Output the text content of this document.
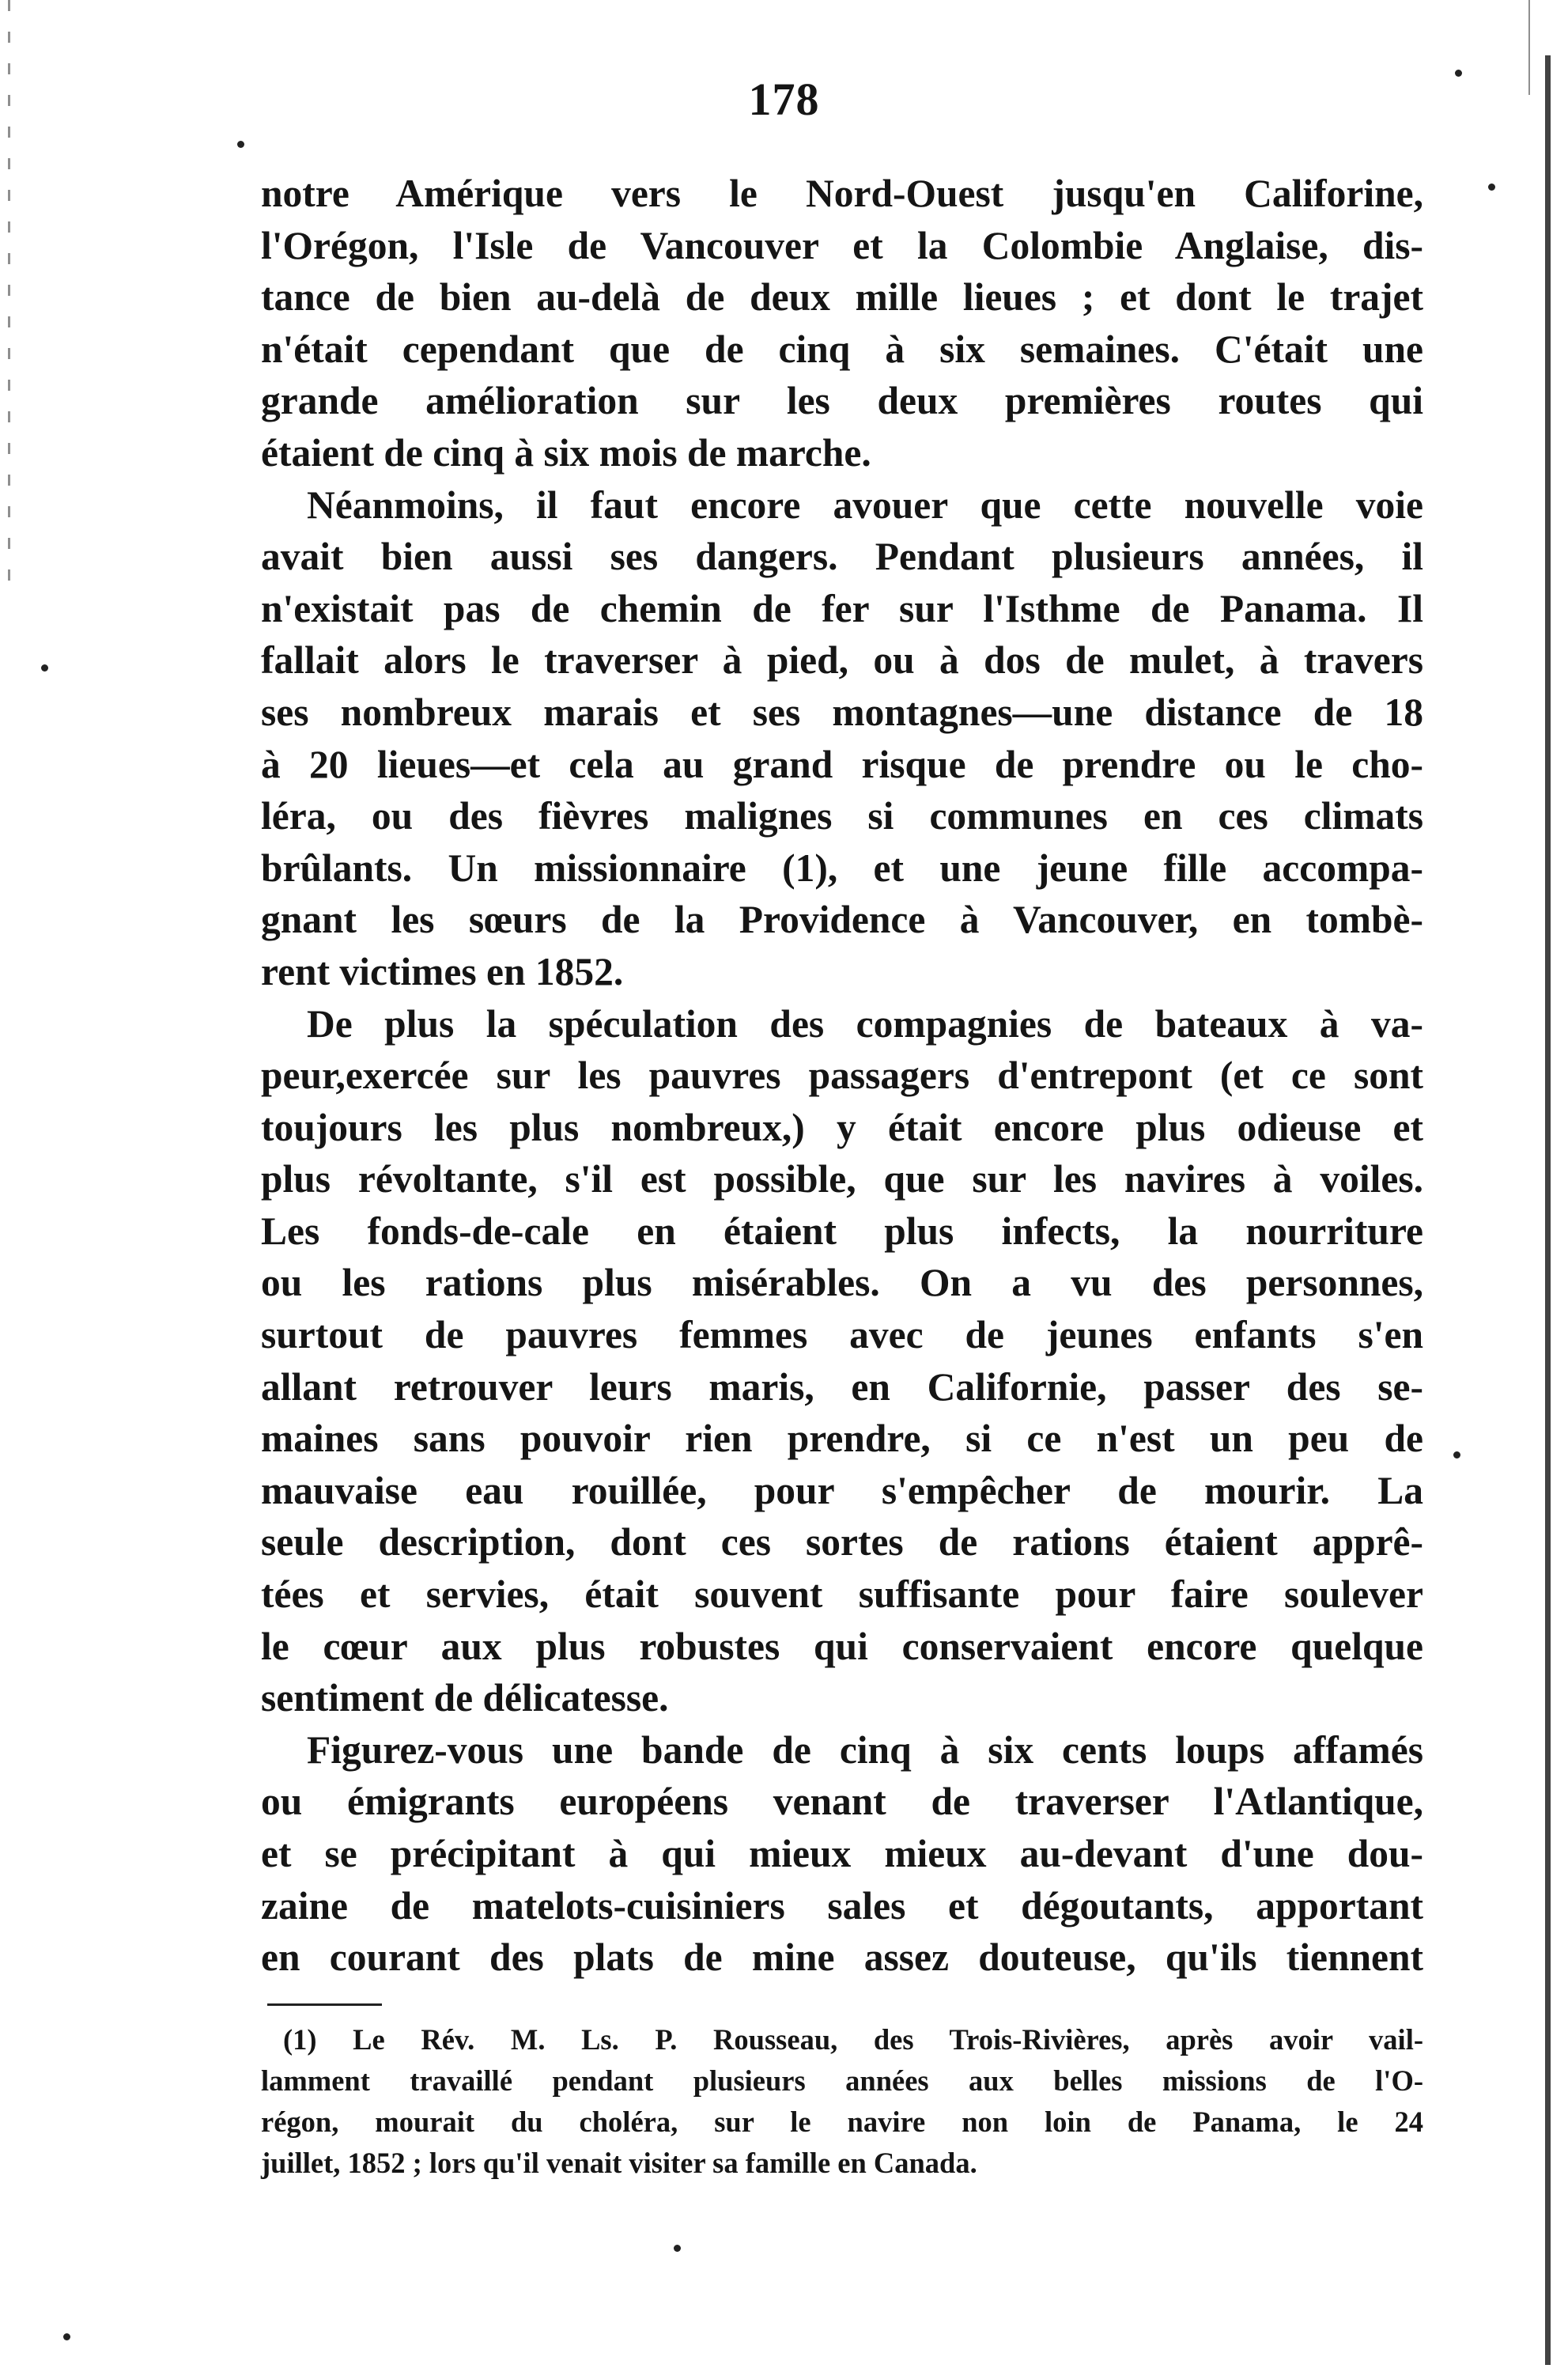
178
notre Amérique vers le Nord-Ouest jusqu'en Califorine,
l'Orégon, l'Isle de Vancouver et la Colombie Anglaise, dis-
tance de bien au-delà de deux mille lieues ; et dont le trajet
n'était cependant que de cinq à six semaines. C'était une
grande amélioration sur les deux premières routes qui
étaient de cinq à six mois de marche.
Néanmoins, il faut encore avouer que cette nouvelle voie
avait bien aussi ses dangers. Pendant plusieurs années, il
n'existait pas de chemin de fer sur l'Isthme de Panama. Il
fallait alors le traverser à pied, ou à dos de mulet, à travers
ses nombreux marais et ses montagnes—une distance de 18
à 20 lieues—et cela au grand risque de prendre ou le cho-
léra, ou des fièvres malignes si communes en ces climats
brûlants. Un missionnaire (1), et une jeune fille accompa-
gnant les sœurs de la Providence à Vancouver, en tombè-
rent victimes en 1852.
De plus la spéculation des compagnies de bateaux à va-
peur,exercée sur les pauvres passagers d'entrepont (et ce sont
toujours les plus nombreux,) y était encore plus odieuse et
plus révoltante, s'il est possible, que sur les navires à voiles.
Les fonds-de-cale en étaient plus infects, la nourriture
ou les rations plus misérables. On a vu des personnes,
surtout de pauvres femmes avec de jeunes enfants s'en
allant retrouver leurs maris, en Californie, passer des se-
maines sans pouvoir rien prendre, si ce n'est un peu de
mauvaise eau rouillée, pour s'empêcher de mourir. La
seule description, dont ces sortes de rations étaient apprê-
tées et servies, était souvent suffisante pour faire soulever
le cœur aux plus robustes qui conservaient encore quelque
sentiment de délicatesse.
Figurez-vous une bande de cinq à six cents loups affamés
ou émigrants européens venant de traverser l'Atlantique,
et se précipitant à qui mieux mieux au-devant d'une dou-
zaine de matelots-cuisiniers sales et dégoutants, apportant
en courant des plats de mine assez douteuse, qu'ils tiennent
(1) Le Rév. M. Ls. P. Rousseau, des Trois-Rivières, après avoir vail-
lamment travaillé pendant plusieurs années aux belles missions de l'O-
régon, mourait du choléra, sur le navire non loin de Panama, le 24
juillet, 1852 ; lors qu'il venait visiter sa famille en Canada.
